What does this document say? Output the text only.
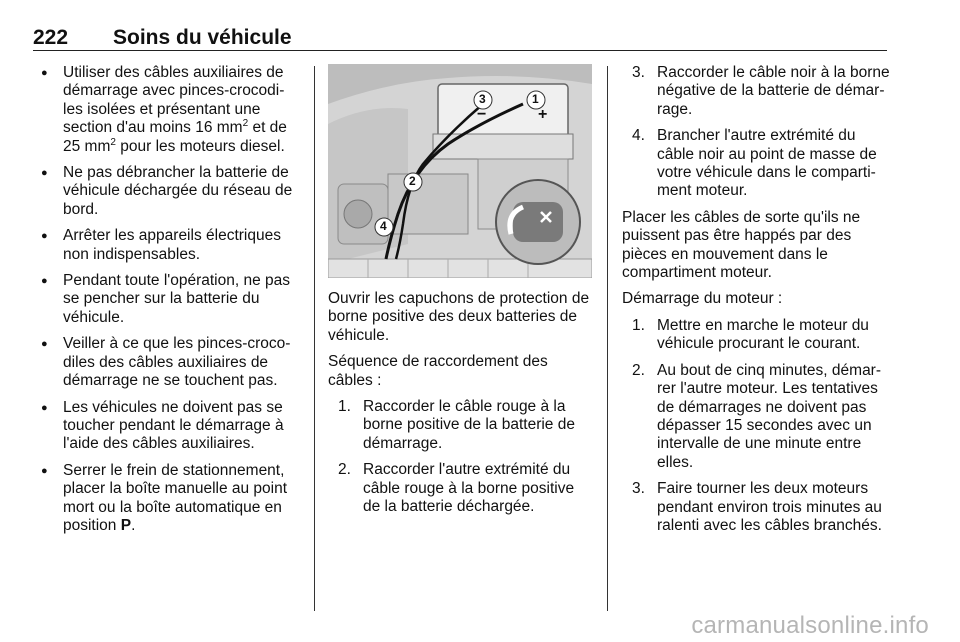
222 Soins du véhicule
● Utiliser des câbles auxiliaires de démarrage avec pinces-crocodi-les isolées et présentant une section d'au moins 16 $mm^2$ et de 25 $mm^2$ pour les moteurs diesel.
● Ne pas débrancher la batterie de véhicule déchargée du réseau de bord.
● Arrêter les appareils électriques non indispensables.
● Pendant toute l'opération, ne pas se pencher sur la batterie du véhicule.
● Veiller à ce que les pinces-croco-diles des câbles auxiliaires de démarrage ne se touchent pas.
● Les véhicules ne doivent pas se toucher pendant le démarrage à l'aide des câbles auxiliaires.
● Serrer le frein de stationnement, placer la boîte manuelle au point mort ou la boîte automatique en position P.
1
3
2
4
+
−

Ouvrir les capuchons de protection de borne positive des deux batteries de véhicule.

Séquence de raccordement des câbles :

1. Raccorder le câble rouge à la borne positive de la batterie de démarrage.
2. Raccorder l'autre extrémité du câble rouge à la borne positive de la batterie déchargée.
3. Raccorder le câble noir à la borne négative de la batterie de démar-rage.
4. Brancher l'autre extrémité du câble noir au point de masse de votre véhicule dans le comparti-ment moteur.

Placer les câbles de sorte qu'ils ne puissent pas être happés par des pièces en mouvement dans le compartiment moteur.

Démarrage du moteur :

1. Mettre en marche le moteur du véhicule procurant le courant.
2. Au bout de cinq minutes, démar-rer l'autre moteur. Les tentatives de démarrages ne doivent pas dépasser 15 secondes avec un intervalle de une minute entre elles.
3. Faire tourner les deux moteurs pendant environ trois minutes au ralenti avec les câbles branchés.
carmanualsonline.info
